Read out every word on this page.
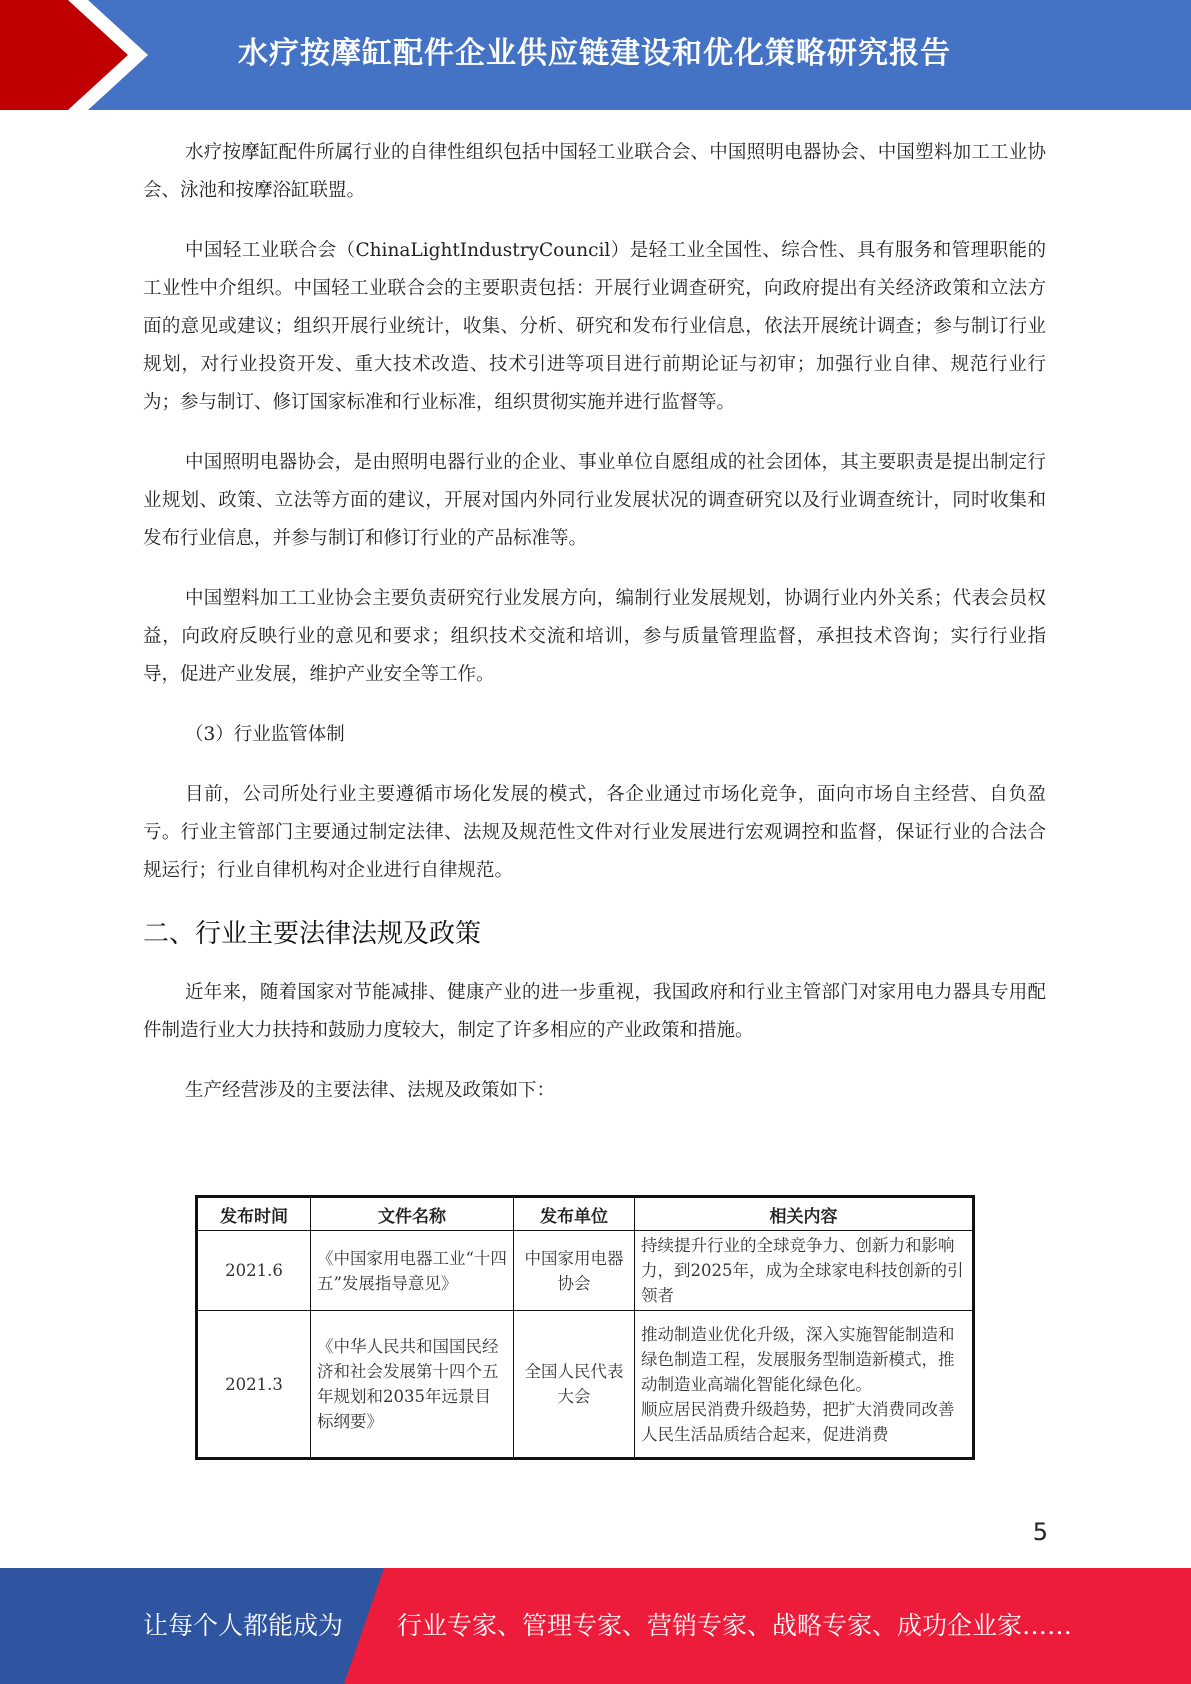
水疗按摩缸配件企业供应链建设和优化策略研究报告

水疗按摩缸配件所属行业的自律性组织包括中国轻工业联合会、中国照明电器协会、中国塑料加工工业协会、泳池和按摩浴缸联盟。

中国轻工业联合会（ChinaLightIndustryCouncil）是轻工业全国性、综合性、具有服务和管理职能的工业性中介组织。中国轻工业联合会的主要职责包括：开展行业调查研究，向政府提出有关经济政策和立法方面的意见或建议；组织开展行业统计，收集、分析、研究和发布行业信息，依法开展统计调查；参与制订行业规划，对行业投资开发、重大技术改造、技术引进等项目进行前期论证与初审；加强行业自律、规范行业行为；参与制订、修订国家标准和行业标准，组织贯彻实施并进行监督等。

中国照明电器协会，是由照明电器行业的企业、事业单位自愿组成的社会团体，其主要职责是提出制定行业规划、政策、立法等方面的建议，开展对国内外同行业发展状况的调查研究以及行业调查统计，同时收集和发布行业信息，并参与制订和修订行业的产品标准等。

中国塑料加工工业协会主要负责研究行业发展方向，编制行业发展规划，协调行业内外关系；代表会员权益，向政府反映行业的意见和要求；组织技术交流和培训，参与质量管理监督，承担技术咨询；实行行业指导，促进产业发展，维护产业安全等工作。

（3）行业监管体制

目前，公司所处行业主要遵循市场化发展的模式，各企业通过市场化竞争，面向市场自主经营、自负盈亏。行业主管部门主要通过制定法律、法规及规范性文件对行业发展进行宏观调控和监督，保证行业的合法合规运行；行业自律机构对企业进行自律规范。

二、行业主要法律法规及政策

近年来，随着国家对节能减排、健康产业的进一步重视，我国政府和行业主管部门对家用电力器具专用配件制造行业大力扶持和鼓励力度较大，制定了许多相应的产业政策和措施。

生产经营涉及的主要法律、法规及政策如下：

发布时间	文件名称	发布单位	相关内容
2021.6	《中国家用电器工业“十四五”发展指导意见》	中国家用电器协会	持续提升行业的全球竞争力、创新力和影响力，到2025年，成为全球家电科技创新的引领者
2021.3	《中华人民共和国国民经济和社会发展第十四个五年规划和2035年远景目标纲要》	全国人民代表大会	推动制造业优化升级，深入实施智能制造和绿色制造工程，发展服务型制造新模式，推动制造业高端化智能化绿色化。
顺应居民消费升级趋势，把扩大消费同改善人民生活品质结合起来，促进消费
5
让每个人都能成为 行业专家、管理专家、营销专家、战略专家、成功企业家……
